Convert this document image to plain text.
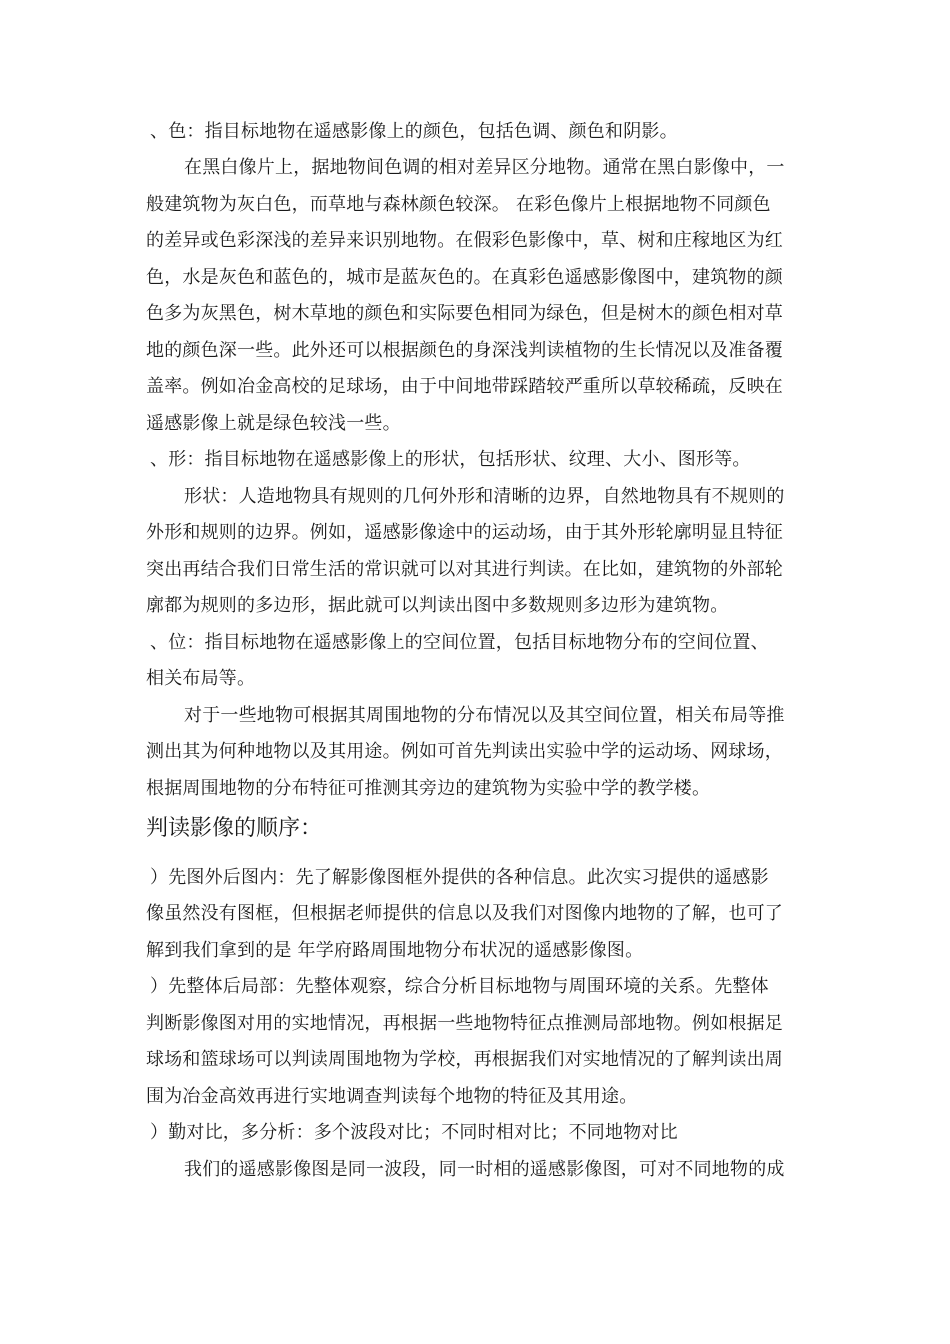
、色：指目标地物在遥感影像上的颜色，包括色调、颜色和阴影。
在黑白像片上，据地物间色调的相对差异区分地物。通常在黑白影像中，一
般建筑物为灰白色，而草地与森林颜色较深。 在彩色像片上根据地物不同颜色
的差异或色彩深浅的差异来识别地物。在假彩色影像中，草、树和庄稼地区为红
色，水是灰色和蓝色的，城市是蓝灰色的。在真彩色遥感影像图中，建筑物的颜
色多为灰黑色，树木草地的颜色和实际要色相同为绿色，但是树木的颜色相对草
地的颜色深一些。此外还可以根据颜色的身深浅判读植物的生长情况以及准备覆
盖率。例如冶金高校的足球场，由于中间地带踩踏较严重所以草较稀疏，反映在
遥感影像上就是绿色较浅一些。
、形：指目标地物在遥感影像上的形状，包括形状、纹理、大小、图形等。
形状：人造地物具有规则的几何外形和清晰的边界，自然地物具有不规则的
外形和规则的边界。例如，遥感影像途中的运动场，由于其外形轮廓明显且特征
突出再结合我们日常生活的常识就可以对其进行判读。在比如，建筑物的外部轮
廓都为规则的多边形，据此就可以判读出图中多数规则多边形为建筑物。
、位：指目标地物在遥感影像上的空间位置，包括目标地物分布的空间位置、
相关布局等。
对于一些地物可根据其周围地物的分布情况以及其空间位置，相关布局等推
测出其为何种地物以及其用途。例如可首先判读出实验中学的运动场、网球场，
根据周围地物的分布特征可推测其旁边的建筑物为实验中学的教学楼。
判读影像的顺序：
）先图外后图内：先了解影像图框外提供的各种信息。此次实习提供的遥感影
像虽然没有图框，但根据老师提供的信息以及我们对图像内地物的了解，也可了
解到我们拿到的是 年学府路周围地物分布状况的遥感影像图。
）先整体后局部：先整体观察，综合分析目标地物与周围环境的关系。先整体
判断影像图对用的实地情况，再根据一些地物特征点推测局部地物。例如根据足
球场和篮球场可以判读周围地物为学校，再根据我们对实地情况的了解判读出周
围为冶金高效再进行实地调查判读每个地物的特征及其用途。
）勤对比，多分析：多个波段对比；不同时相对比；不同地物对比
我们的遥感影像图是同一波段，同一时相的遥感影像图，可对不同地物的成
